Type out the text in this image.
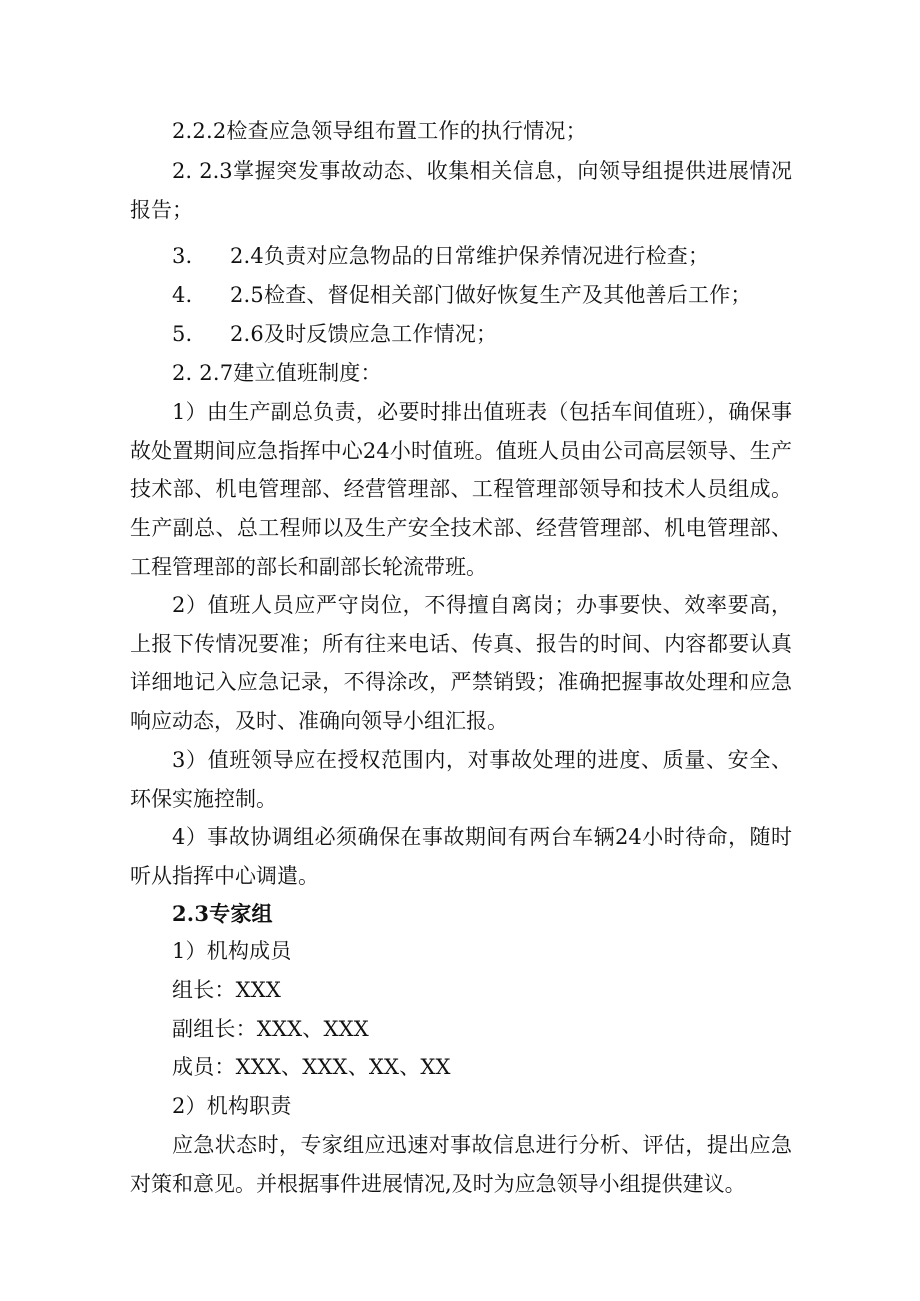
2.2.2检查应急领导组布置工作的执行情况；
2. 2.3掌握突发事故动态、收集相关信息，向领导组提供进展情况报告；
3. 2.4负责对应急物品的日常维护保养情况进行检查；
4. 2.5检查、督促相关部门做好恢复生产及其他善后工作；
5. 2.6及时反馈应急工作情况；
2. 2.7建立值班制度：
1）由生产副总负责，必要时排出值班表（包括车间值班），确保事故处置期间应急指挥中心24小时值班。值班人员由公司高层领导、生产技术部、机电管理部、经营管理部、工程管理部领导和技术人员组成。生产副总、总工程师以及生产安全技术部、经营管理部、机电管理部、工程管理部的部长和副部长轮流带班。
2）值班人员应严守岗位，不得擅自离岗；办事要快、效率要高，上报下传情况要准；所有往来电话、传真、报告的时间、内容都要认真详细地记入应急记录，不得涂改，严禁销毁；准确把握事故处理和应急响应动态，及时、准确向领导小组汇报。
3）值班领导应在授权范围内，对事故处理的进度、质量、安全、环保实施控制。
4）事故协调组必须确保在事故期间有两台车辆24小时待命，随时听从指挥中心调遣。
2.3专家组
1）机构成员
组长：XXX
副组长：XXX、XXX
成员：XXX、XXX、XX、XX
2）机构职责
应急状态时，专家组应迅速对事故信息进行分析、评估，提出应急对策和意见。并根据事件进展情况,及时为应急领导小组提供建议。
